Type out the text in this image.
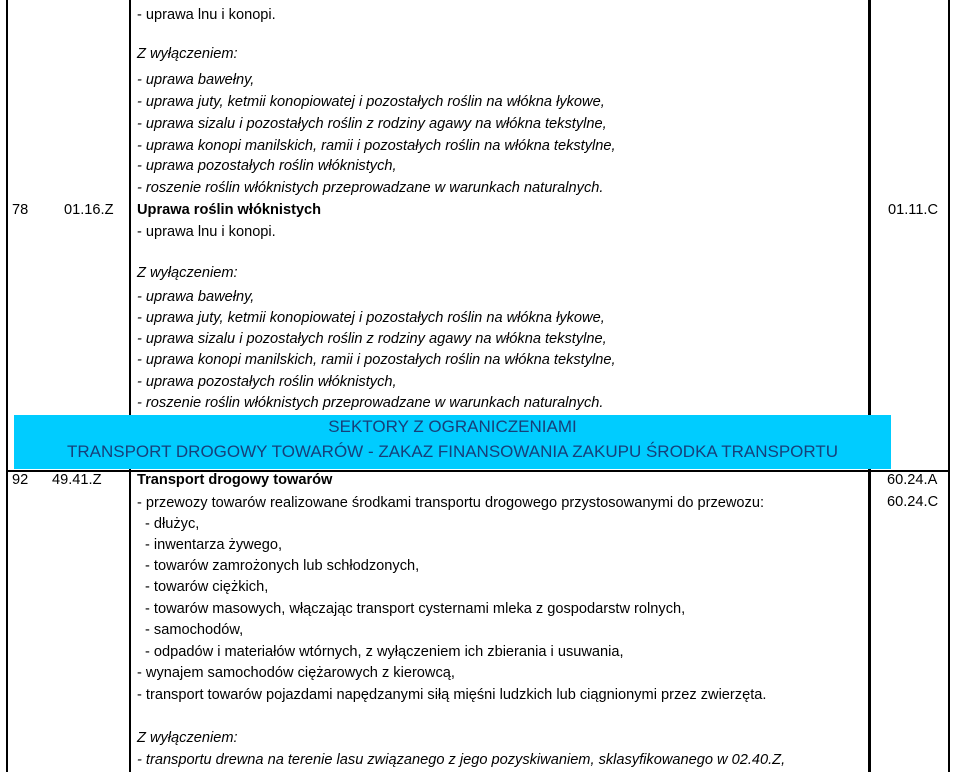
- uprawa lnu i konopi.
Z wyłączeniem:
- uprawa bawełny,
- uprawa juty, ketmii konopiowatej i pozostałych roślin na włókna łykowe,
- uprawa sizalu i pozostałych roślin z rodziny agawy na włókna tekstylne,
- uprawa konopi manilskich, ramii i pozostałych roślin na włókna tekstylne,
- uprawa pozostałych roślin włóknistych,
- roszenie roślin włóknistych przeprowadzane w warunkach naturalnych.
78 01.16.Z Uprawa roślin włóknistych
- uprawa lnu i konopi.
01.11.C
Z wyłączeniem:
- uprawa bawełny,
- uprawa juty, ketmii konopiowatej i pozostałych roślin na włókna łykowe,
- uprawa sizalu i pozostałych roślin z rodziny agawy na włókna tekstylne,
- uprawa konopi manilskich, ramii i pozostałych roślin na włókna tekstylne,
- uprawa pozostałych roślin włóknistych,
- roszenie roślin włóknistych przeprowadzane w warunkach naturalnych.
SEKTORY Z OGRANICZENIAMI
TRANSPORT DROGOWY TOWARÓW - ZAKAZ FINANSOWANIA ZAKUPU ŚRODKA TRANSPORTU
92 49.41.Z Transport drogowy towarów	60.24.A
60.24.C
- przewozy towarów realizowane środkami transportu drogowego przystosowanymi do przewozu:
- dłużyc,
- inwentarza żywego,
- towarów zamrożonych lub schłodzonych,
- towarów ciężkich,
- towarów masowych, włączając transport cysternami mleka z gospodarstw rolnych,
- samochodów,
- odpadów i materiałów wtórnych, z wyłączeniem ich zbierania i usuwania,
- wynajem samochodów ciężarowych z kierowcą,
- transport towarów pojazdami napędzanymi siłą mięśni ludzkich lub ciągnionymi przez zwierzęta.
Z wyłączeniem:
- transportu drewna na terenie lasu związanego z jego pozyskiwaniem, sklasyfikowanego w 02.40.Z,
